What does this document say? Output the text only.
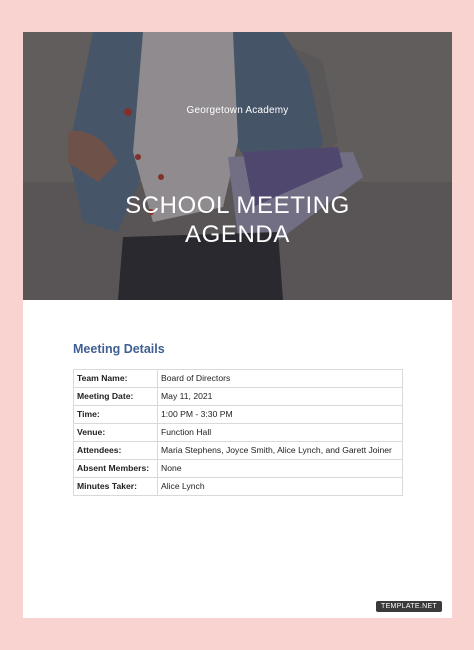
Georgetown Academy
SCHOOL MEETING
AGENDA
Meeting Details
Team Name:	Board of Directors
Meeting Date:	May 11, 2021
Time:	1:00 PM - 3:30 PM
Venue:	Function Hall
Attendees:	Maria Stephens, Joyce Smith, Alice Lynch, and Garett Joiner
Absent Members:	None
Minutes Taker:	Alice Lynch
TEMPLATE.NET
